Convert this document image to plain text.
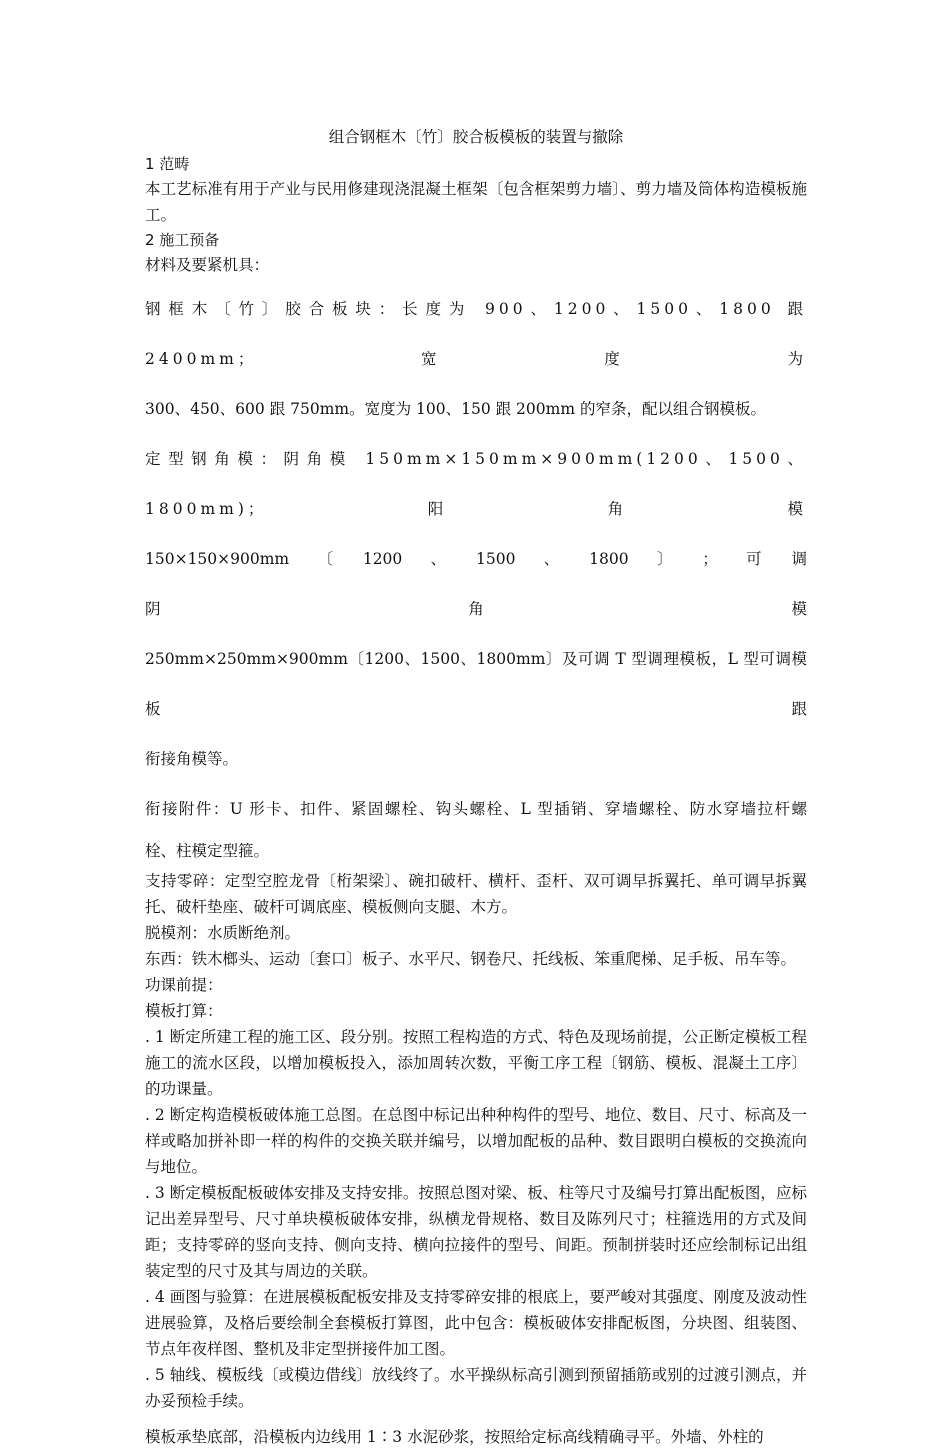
组合钢框木〔竹〕胶合板模板的装置与撤除

1 范畴

本工艺标准有用于产业与民用修建现浇混凝土框架〔包含框架剪力墙〕、剪力墙及筒体构造模板施工。

2 施工预备

材料及要紧机具：

钢框木〔竹〕胶合板块：长度为 900、1200、1500、1800 跟 2400mm；宽度为

300、450、600 跟 750mm。宽度为 100、150 跟 200mm 的窄条，配以组合钢模板。

定型钢角模：阴角模 150mm×150mm×900mm(1200、1500、1800mm)；阳角模

150×150×900mm 〔 1200 、 1500 、 1800 〕 ； 可 调 阴 角 模

250mm×250mm×900mm〔1200、1500、1800mm〕及可调 T 型调理模板，L 型可调模板跟

衔接角模等。

衔接附件：U 形卡、扣件、紧固螺栓、钩头螺栓、L 型插销、穿墙螺栓、防水穿墙拉杆螺

栓、柱模定型箍。

支持零碎：定型空腔龙骨〔桁架梁〕、碗扣破杆、横杆、歪杆、双可调早拆翼托、单可调早拆翼托、破杆垫座、破杆可调底座、模板侧向支腿、木方。

脱模剂：水质断绝剂。

东西：铁木榔头、运动〔套口〕板子、水平尺、钢卷尺、托线板、笨重爬梯、足手板、吊车等。

功课前提：

模板打算：

. 1 断定所建工程的施工区、段分别。按照工程构造的方式、特色及现场前提，公正断定模板工程施工的流水区段，以增加模板投入，添加周转次数，平衡工序工程〔钢筋、模板、混凝土工序〕的功课量。

. 2 断定构造模板破体施工总图。在总图中标记出种种构件的型号、地位、数目、尺寸、标高及一样或略加拼补即一样的构件的交换关联并编号，以增加配板的品种、数目跟明白模板的交换流向与地位。

. 3 断定模板配板破体安排及支持安排。按照总图对梁、板、柱等尺寸及编号打算出配板图，应标记出差异型号、尺寸单块模板破体安排，纵横龙骨规格、数目及陈列尺寸；柱箍选用的方式及间距；支持零碎的竖向支持、侧向支持、横向拉接件的型号、间距。预制拼装时还应绘制标记出组装定型的尺寸及其与周边的关联。

. 4 画图与验算：在进展模板配板安排及支持零碎安排的根底上，要严峻对其强度、刚度及波动性进展验算，及格后要绘制全套模板打算图，此中包含：模板破体安排配板图，分块图、组装图、节点年夜样图、整机及非定型拼接件加工图。

. 5 轴线、模板线〔或模边借线〕放线终了。水平操纵标高引测到预留插筋或别的过渡引测点，并办妥预检手续。

模板承垫底部，沿模板内边线用 1∶3 水泥砂浆，按照给定标高线精确寻平。外墙、外柱的
